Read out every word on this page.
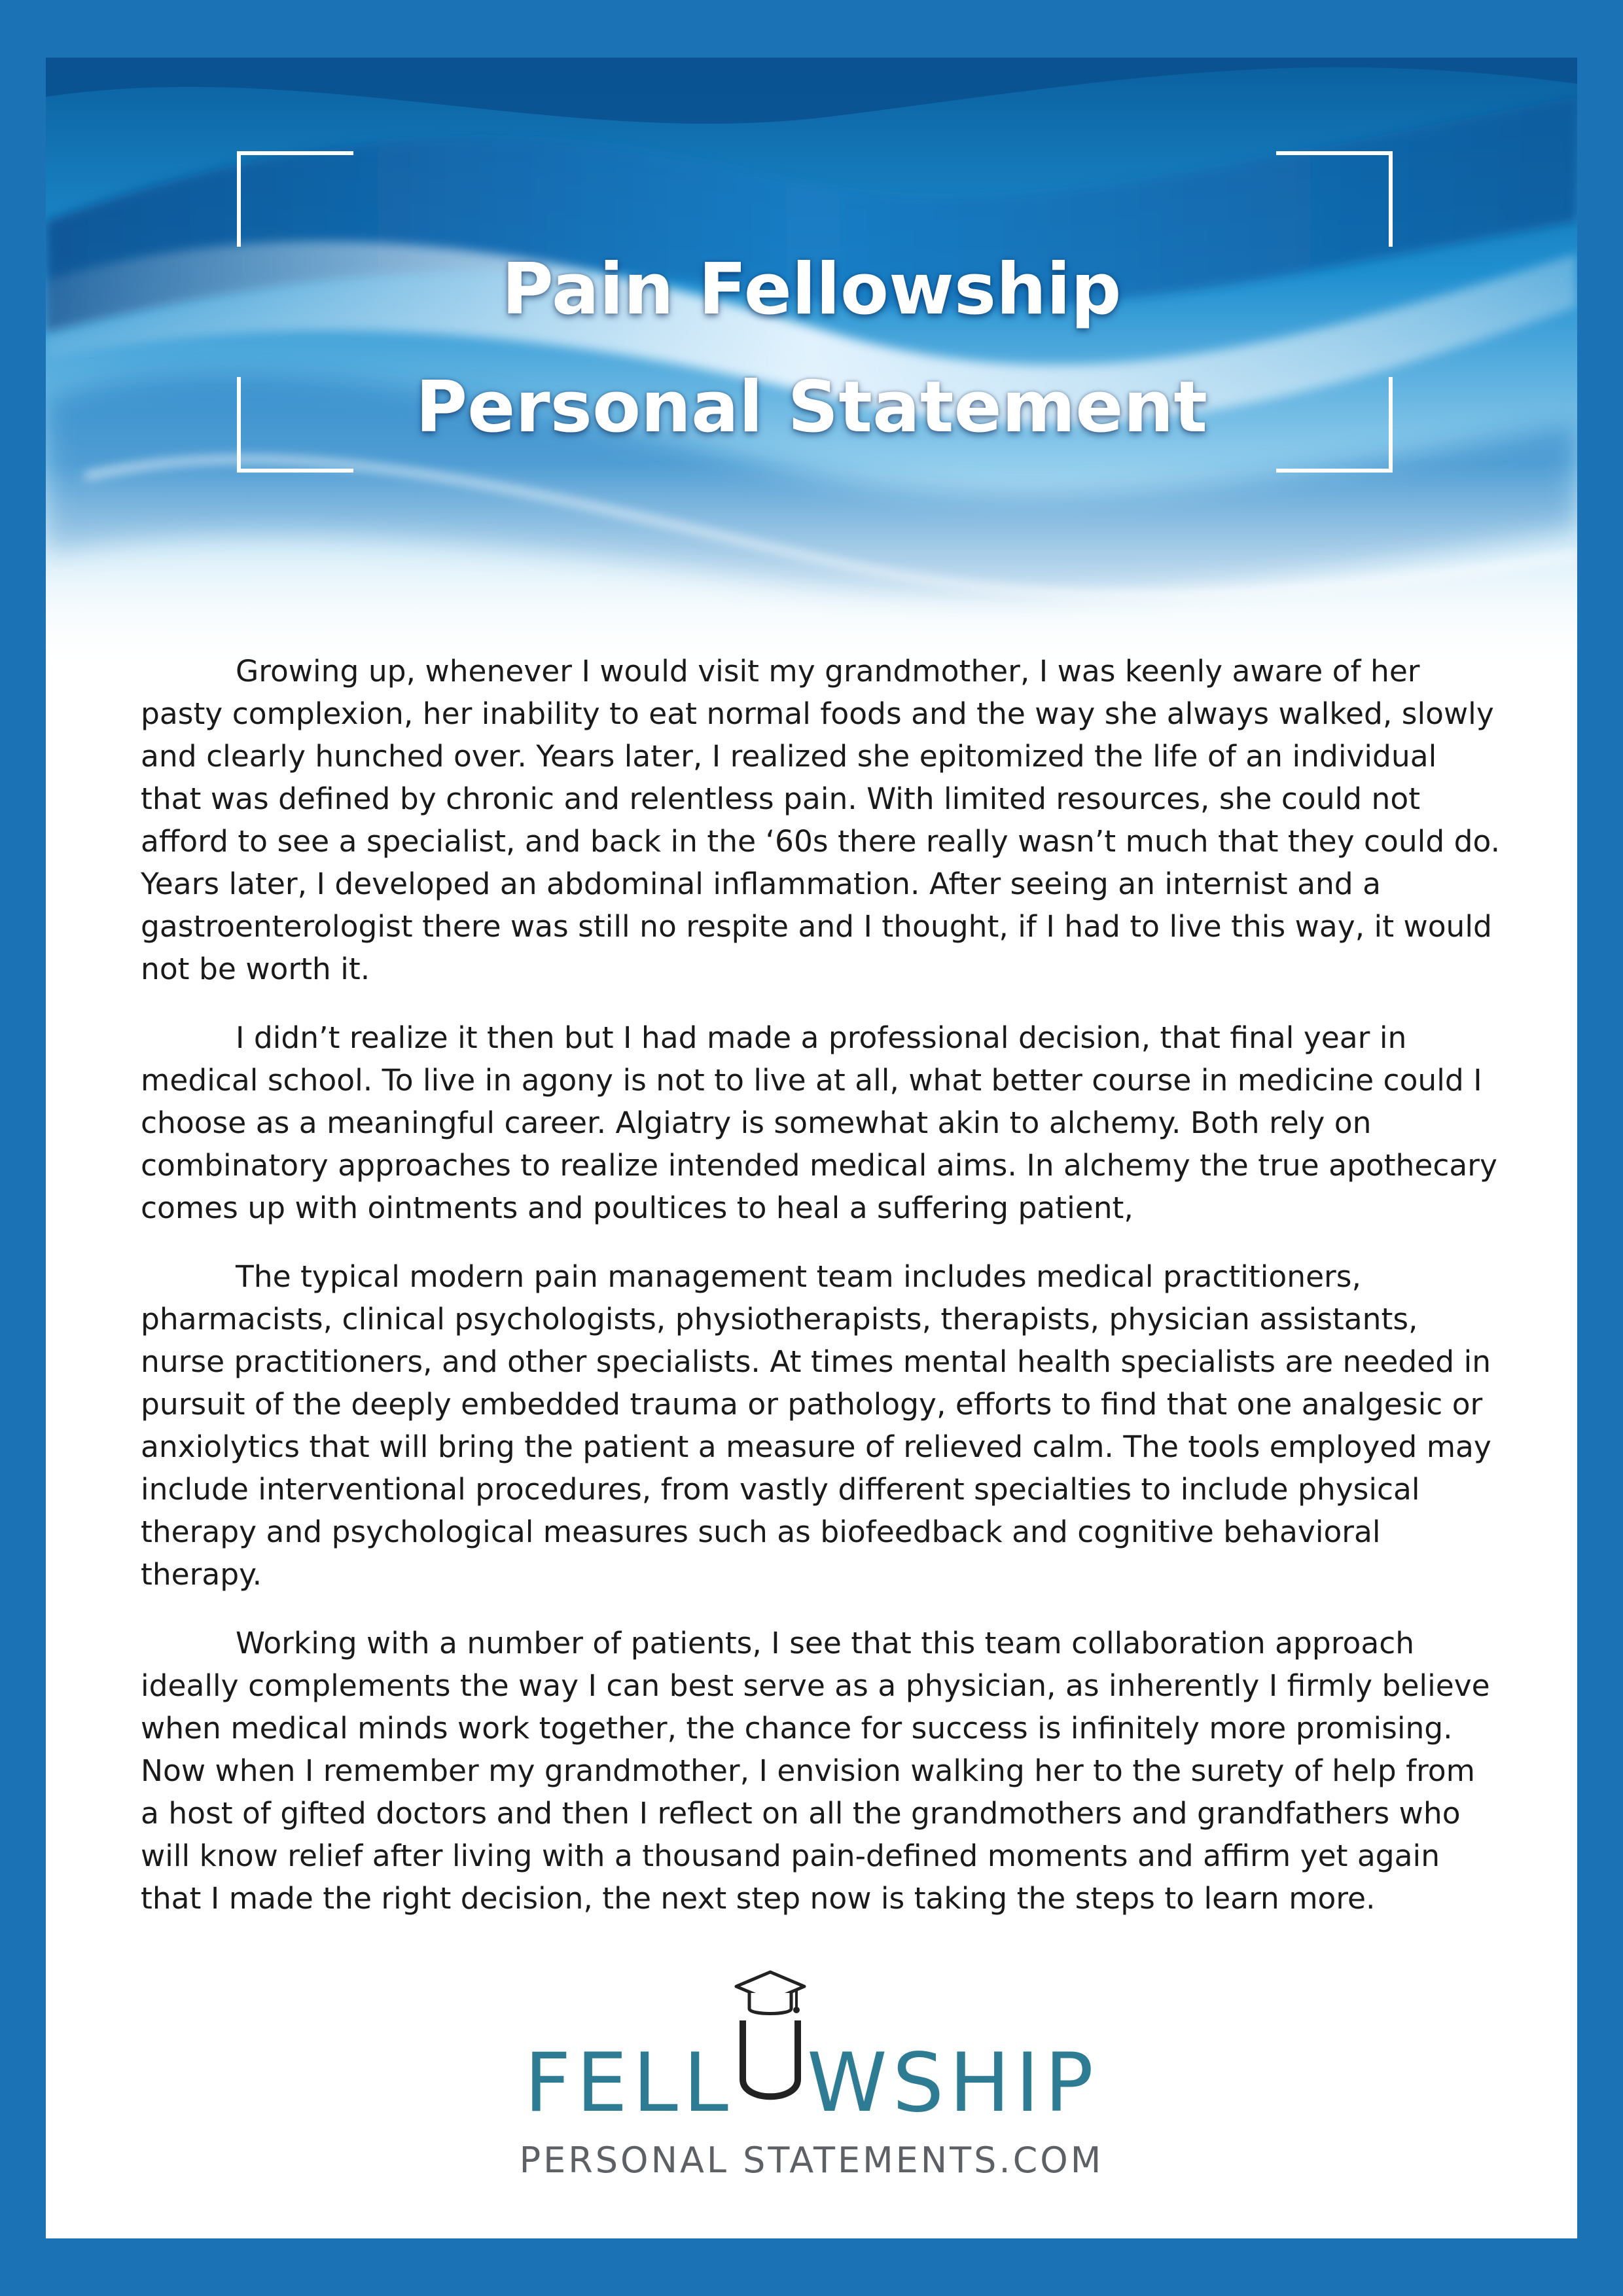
Pain Fellowship
Personal Statement

Growing up, whenever I would visit my grandmother, I was keenly aware of her pasty complexion, her inability to eat normal foods and the way she always walked, slowly and clearly hunched over. Years later, I realized she epitomized the life of an individual that was defined by chronic and relentless pain. With limited resources, she could not afford to see a specialist, and back in the ‘60s there really wasn’t much that they could do. Years later, I developed an abdominal inflammation. After seeing an internist and a gastroenterologist there was still no respite and I thought, if I had to live this way, it would not be worth it.

I didn’t realize it then but I had made a professional decision, that final year in medical school. To live in agony is not to live at all, what better course in medicine could I choose as a meaningful career. Algiatry is somewhat akin to alchemy. Both rely on combinatory approaches to realize intended medical aims. In alchemy the true apothecary comes up with ointments and poultices to heal a suffering patient,

The typical modern pain management team includes medical practitioners, pharmacists, clinical psychologists, physiotherapists, therapists, physician assistants, nurse practitioners, and other specialists. At times mental health specialists are needed in pursuit of the deeply embedded trauma or pathology, efforts to find that one analgesic or anxiolytics that will bring the patient a measure of relieved calm. The tools employed may include interventional procedures, from vastly different specialties to include physical therapy and psychological measures such as biofeedback and cognitive behavioral therapy.

Working with a number of patients, I see that this team collaboration approach ideally complements the way I can best serve as a physician, as inherently I firmly believe when medical minds work together, the chance for success is infinitely more promising. Now when I remember my grandmother, I envision walking her to the surety of help from a host of gifted doctors and then I reflect on all the grandmothers and grandfathers who will know relief after living with a thousand pain-defined moments and affirm yet again that I made the right decision, the next step now is taking the steps to learn more.

FELL WSHIP
PERSONAL STATEMENTS.COM
